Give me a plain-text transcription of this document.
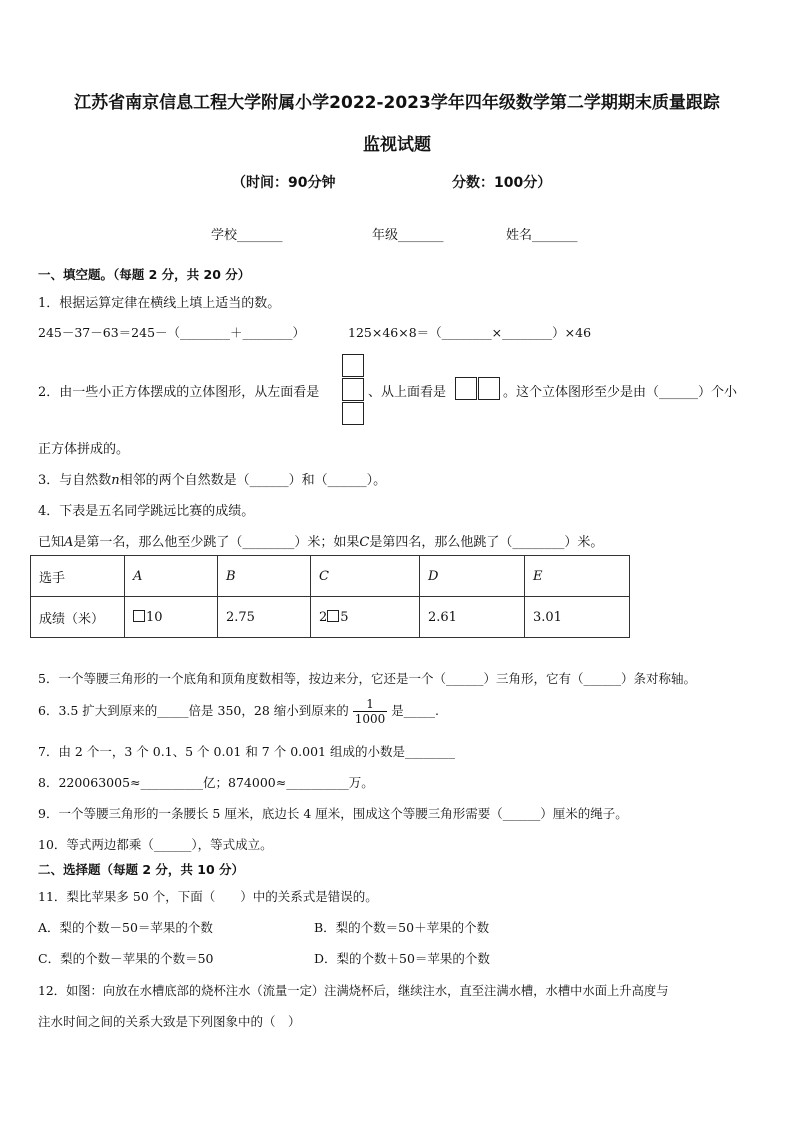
江苏省南京信息工程大学附属小学2022-2023学年四年级数学第二学期期末质量跟踪
监视试题
（时间：90分钟	分数：100分）
学校_______	年级_______	姓名_______
一、填空题。（每题 2 分，共 20 分）
1．根据运算定律在横线上填上适当的数。
245－37－63＝245－（________＋________）	125×46×8＝（________×________）×46
2．由一些小正方体摆成的立体图形，从左面看是	、从上面看是	。这个立体图形至少是由（______）个小
正方体拼成的。
3．与自然数n相邻的两个自然数是（______）和（______）。
4．下表是五名同学跳远比赛的成绩。
已知A是第一名，那么他至少跳了（________）米；如果C是第四名，那么他跳了（________）米。
选手	A	B	C	D	E
成绩（米）	10	2.75	2 5	2.61	3.01
5．一个等腰三角形的一个底角和顶角度数相等，按边来分，它还是一个（______）三角形，它有（______）条对称轴。
6．3.5 扩大到原来的_____倍是 350，28 缩小到原来的 $\frac{1}{1000}$ 是_____.
7．由 2 个一，3 个 0.1、5 个 0.01 和 7 个 0.001 组成的小数是________
8．220063005≈__________亿；874000≈__________万。
9．一个等腰三角形的一条腰长 5 厘米，底边长 4 厘米，围成这个等腰三角形需要（______）厘米的绳子。
10．等式两边都乘（______），等式成立。
二、选择题（每题 2 分，共 10 分）
11．梨比苹果多 50 个，下面（　　）中的关系式是错误的。
A．梨的个数－50＝苹果的个数	B．梨的个数＝50＋苹果的个数
C．梨的个数－苹果的个数＝50	D．梨的个数＋50＝苹果的个数
12．如图：向放在水槽底部的烧杯注水（流量一定）注满烧杯后，继续注水，直至注满水槽，水槽中水面上升高度与
注水时间之间的关系大致是下列图象中的（　）
